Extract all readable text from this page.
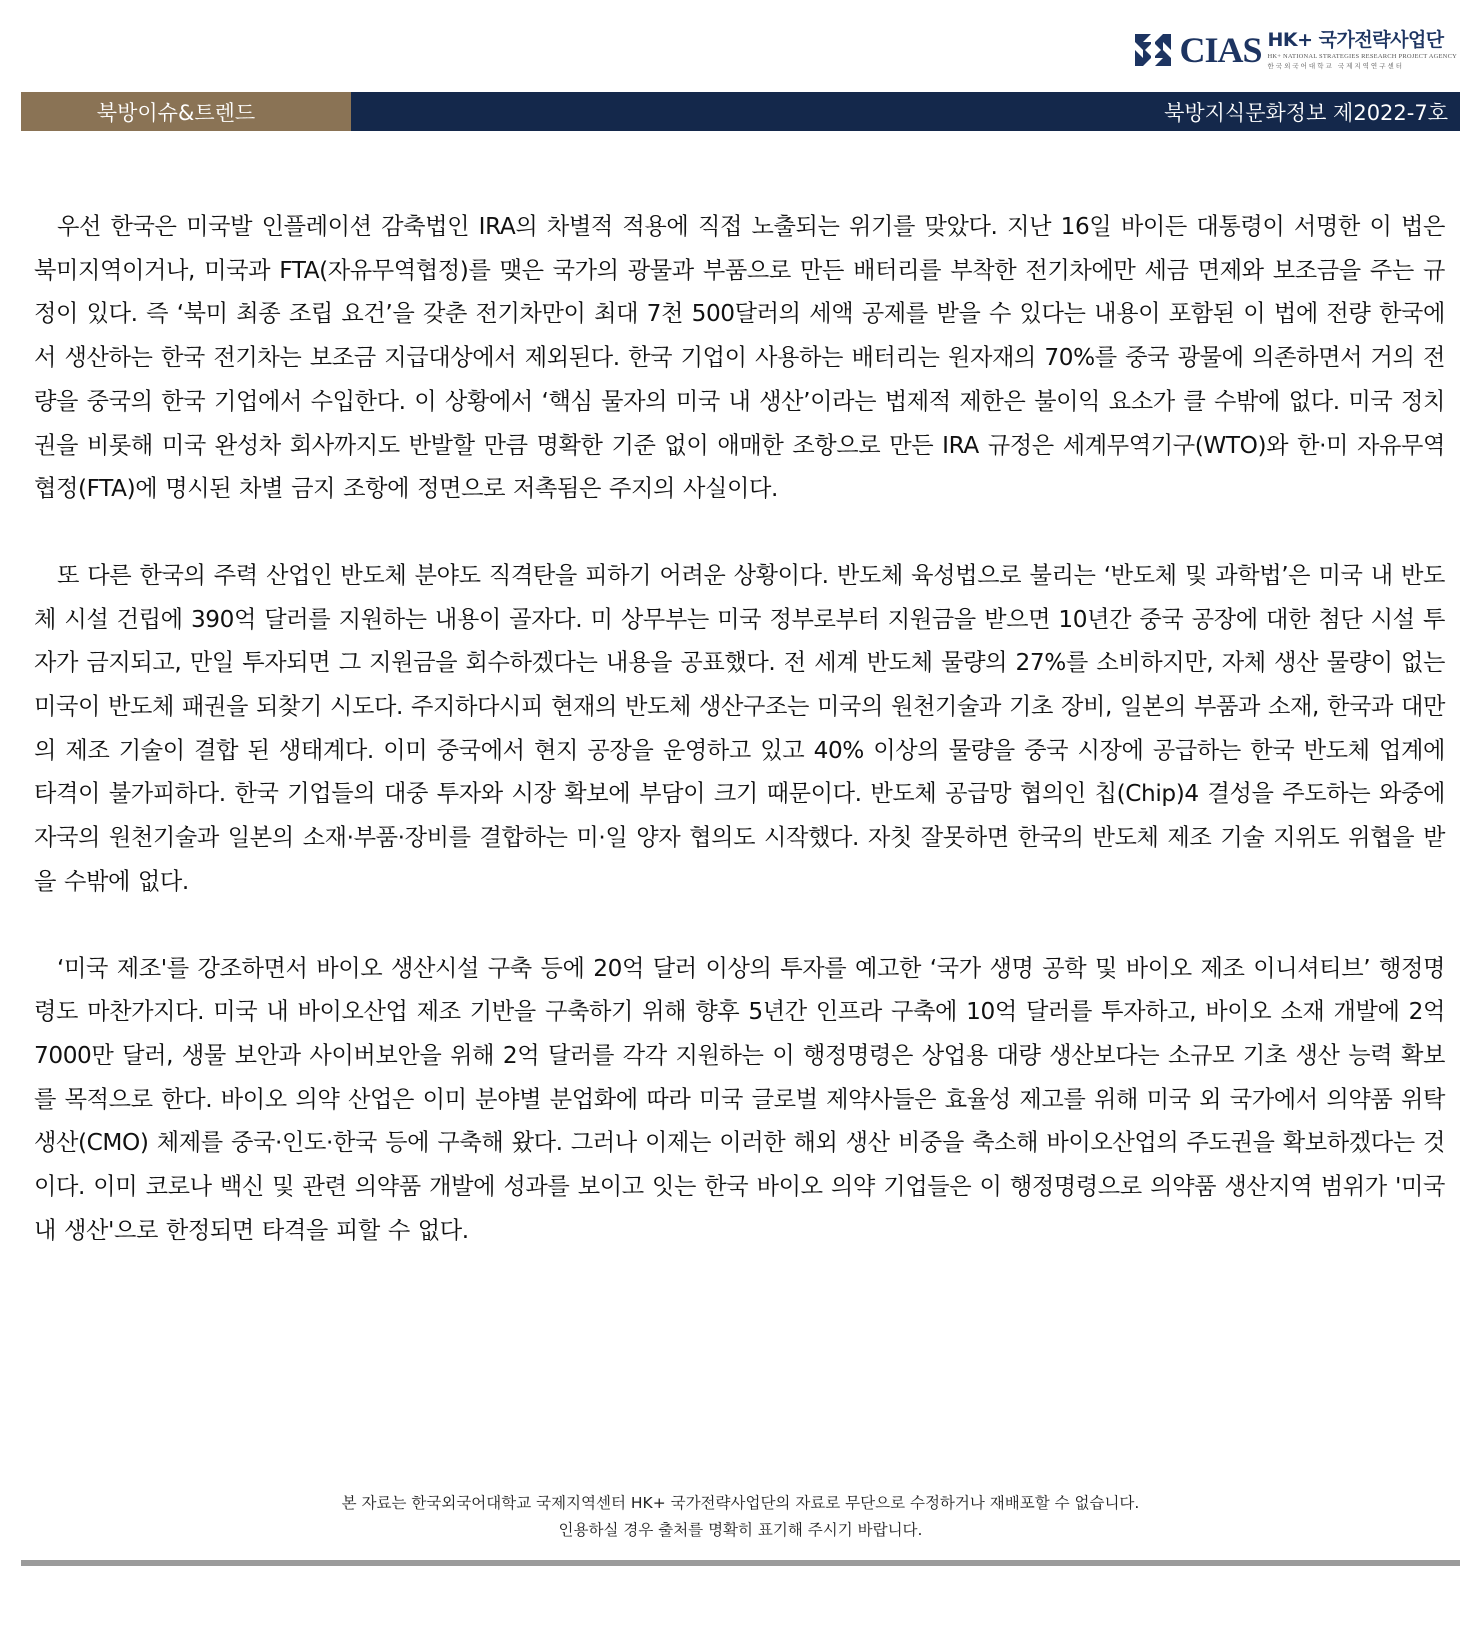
CIAS HK+ 국가전략사업단
HK+ NATIONAL STRATEGIES RESEARCH PROJECT AGENCY
한국외국어대학교 국제지역연구센터
북방이슈&트렌드	북방지식문화정보 제2022-7호

우선 한국은 미국발 인플레이션 감축법인 IRA의 차별적 적용에 직접 노출되는 위기를 맞았다. 지난 16일 바이든 대통령이 서명한 이 법은 북미지역이거나, 미국과 FTA(자유무역협정)를 맺은 국가의 광물과 부품으로 만든 배터리를 부착한 전기차에만 세금 면제와 보조금을 주는 규정이 있다. 즉 ‘북미 최종 조립 요건’을 갖춘 전기차만이 최대 7천 500달러의 세액 공제를 받을 수 있다는 내용이 포함된 이 법에 전량 한국에서 생산하는 한국 전기차는 보조금 지급대상에서 제외된다. 한국 기업이 사용하는 배터리는 원자재의 70%를 중국 광물에 의존하면서 거의 전량을 중국의 한국 기업에서 수입한다. 이 상황에서 ‘핵심 물자의 미국 내 생산’이라는 법제적 제한은 불이익 요소가 클 수밖에 없다. 미국 정치권을 비롯해 미국 완성차 회사까지도 반발할 만큼 명확한 기준 없이 애매한 조항으로 만든 IRA 규정은 세계무역기구(WTO)와 한·미 자유무역협정(FTA)에 명시된 차별 금지 조항에 정면으로 저촉됨은 주지의 사실이다.

또 다른 한국의 주력 산업인 반도체 분야도 직격탄을 피하기 어려운 상황이다. 반도체 육성법으로 불리는 ‘반도체 및 과학법’은 미국 내 반도체 시설 건립에 390억 달러를 지원하는 내용이 골자다. 미 상무부는 미국 정부로부터 지원금을 받으면 10년간 중국 공장에 대한 첨단 시설 투자가 금지되고, 만일 투자되면 그 지원금을 회수하겠다는 내용을 공표했다. 전 세계 반도체 물량의 27%를 소비하지만, 자체 생산 물량이 없는 미국이 반도체 패권을 되찾기 시도다. 주지하다시피 현재의 반도체 생산구조는 미국의 원천기술과 기초 장비, 일본의 부품과 소재, 한국과 대만의 제조 기술이 결합 된 생태계다. 이미 중국에서 현지 공장을 운영하고 있고 40% 이상의 물량을 중국 시장에 공급하는 한국 반도체 업계에 타격이 불가피하다. 한국 기업들의 대중 투자와 시장 확보에 부담이 크기 때문이다. 반도체 공급망 협의인 칩(Chip)4 결성을 주도하는 와중에 자국의 원천기술과 일본의 소재·부품·장비를 결합하는 미·일 양자 협의도 시작했다. 자칫 잘못하면 한국의 반도체 제조 기술 지위도 위협을 받을 수밖에 없다.

‘미국 제조'를 강조하면서 바이오 생산시설 구축 등에 20억 달러 이상의 투자를 예고한 ‘국가 생명 공학 및 바이오 제조 이니셔티브’ 행정명령도 마찬가지다. 미국 내 바이오산업 제조 기반을 구축하기 위해 향후 5년간 인프라 구축에 10억 달러를 투자하고, 바이오 소재 개발에 2억 7000만 달러, 생물 보안과 사이버보안을 위해 2억 달러를 각각 지원하는 이 행정명령은 상업용 대량 생산보다는 소규모 기초 생산 능력 확보를 목적으로 한다. 바이오 의약 산업은 이미 분야별 분업화에 따라 미국 글로벌 제약사들은 효율성 제고를 위해 미국 외 국가에서 의약품 위탁생산(CMO) 체제를 중국·인도·한국 등에 구축해 왔다. 그러나 이제는 이러한 해외 생산 비중을 축소해 바이오산업의 주도권을 확보하겠다는 것이다. 이미 코로나 백신 및 관련 의약품 개발에 성과를 보이고 잇는 한국 바이오 의약 기업들은 이 행정명령으로 의약품 생산지역 범위가 '미국 내 생산'으로 한정되면 타격을 피할 수 없다.

본 자료는 한국외국어대학교 국제지역센터 HK+ 국가전략사업단의 자료로 무단으로 수정하거나 재배포할 수 없습니다.
인용하실 경우 출처를 명확히 표기해 주시기 바랍니다.
